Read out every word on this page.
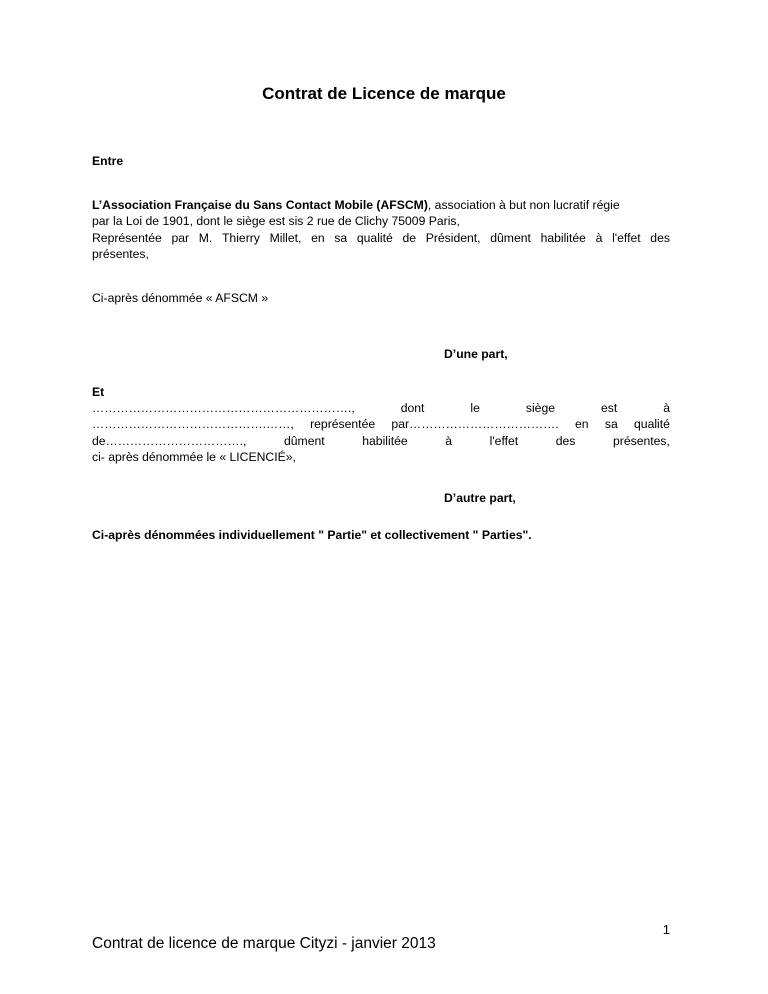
Contrat de Licence de marque
Entre
L’Association Française du Sans Contact Mobile (AFSCM), association à but non lucratif régie
par la Loi de 1901, dont le siège est sis 2 rue de Clichy 75009 Paris,
Représentée par M. Thierry Millet, en sa qualité de Président, dûment habilitée à l'effet des
présentes,
Ci-après dénommée « AFSCM »
D’une part,
Et
……………………………………………………….,	dont	le	siège	est	à
…………………………………….……, représentée par………………………………. en sa qualité
de…………………………….,	dûment	habilitée	à	l'effet	des	présentes,
ci- après dénommée le « LICENCIÉ»,
D’autre part,
Ci-après dénommées individuellement " Partie" et collectivement " Parties".
1
Contrat de licence de marque Cityzi - janvier 2013
